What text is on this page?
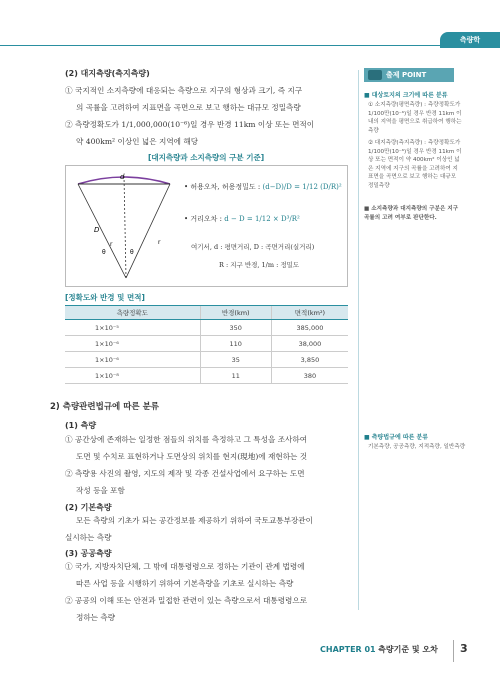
측량학
(2) 대지측량(측지측량)
① 국지적인 소지측량에 대응되는 측량으로 지구의 형상과 크기, 즉 지구
의 곡률을 고려하여 지표면을 곡면으로 보고 행하는 대규모 정밀측량
② 측량정확도가 1/1,000,000(10⁻⁶)일 경우 반경 11km 이상 또는 면적이
약 400km² 이상인 넓은 지역에 해당
[대지측량과 소지측량의 구분 기준]
d
D
θ	θ
r	r
• 허용오차, 허용정밀도 : (d−D)/D = 1/12 (D/R)²
• 거리오차 : d − D = 1/12 × D³/R²
여기서, d : 평면거리, D : 곡면거리(실거리)
R : 지구 반경, 1/m : 정밀도
[정확도와 반경 및 면적]
측량정확도	반경(km)	면적(km²)
1×10⁻⁵	350	385,000
1×10⁻⁶	110	38,000
1×10⁻⁶	35	3,850
1×10⁻⁸	11	380
2) 측량관련법규에 따른 분류
(1) 측량
① 공간상에 존재하는 일정한 점들의 위치를 측정하고 그 특성을 조사하여
도면 및 수치로 표현하거나 도면상의 위치를 현지(現地)에 재현하는 것
② 측량용 사진의 촬영, 지도의 제작 및 각종 건설사업에서 요구하는 도면
작성 등을 포함
(2) 기본측량
모든 측량의 기초가 되는 공간정보를 제공하기 위하여 국토교통부장관이
실시하는 측량
(3) 공공측량
① 국가, 지방자치단체, 그 밖에 대통령령으로 정하는 기관이 관계 법령에
따른 사업 등을 시행하기 위하여 기본측량을 기초로 실시하는 측량
② 공공의 이해 또는 안전과 밀접한 관련이 있는 측량으로서 대통령령으로
정하는 측량
출제 POINT
■ 대상토지의 크기에 따른 분류
① 소지측량(평면측량) : 측량정확도가 1/100만(10⁻⁶)일 경우 반경 11km 이내의 지역을 평면으로 취급하여 행하는 측량
② 대지측량(측지측량) : 측량정확도가 1/100만(10⁻⁶)일 경우 반경 11km 이상 또는 면적이 약 400km² 이상인 넓은 지역에 지구의 곡률을 고려하여 지표면을 곡면으로 보고 행하는 대규모 정밀측량
■ 소지측량과 대지측량의 구분은 지구 곡률의 고려 여부로 판단한다.
■ 측량법규에 따른 분류
기본측량, 공공측량, 지적측량, 일반측량
CHAPTER 01 측량기준 및 오차 3
